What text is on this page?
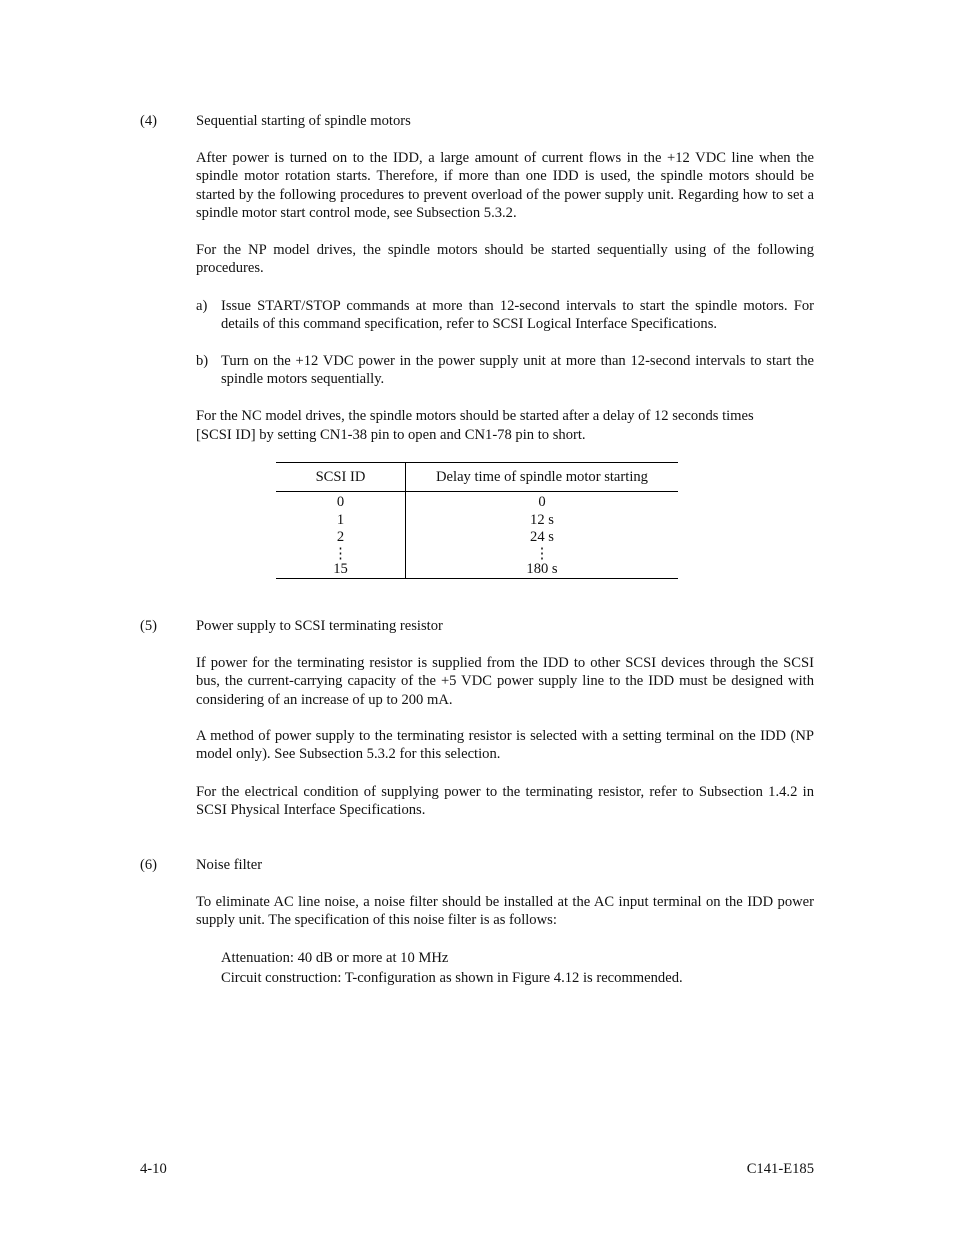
(4)	Sequential starting of spindle motors
After power is turned on to the IDD, a large amount of current flows in the +12 VDC line when the spindle motor rotation starts. Therefore, if more than one IDD is used, the spindle motors should be started by the following procedures to prevent overload of the power supply unit. Regarding how to set a spindle motor start control mode, see Subsection 5.3.2.
For the NP model drives, the spindle motors should be started sequentially using of the following procedures.
a) Issue START/STOP commands at more than 12-second intervals to start the spindle motors. For details of this command specification, refer to SCSI Logical Interface Specifications.
b) Turn on the +12 VDC power in the power supply unit at more than 12-second intervals to start the spindle motors sequentially.
For the NC model drives, the spindle motors should be started after a delay of 12 seconds times
[SCSI ID] by setting CN1-38 pin to open and CN1-78 pin to short.
SCSI ID	Delay time of spindle motor starting
0	0
1	12 s
2	24 s
⋮	⋮
15	180 s
(5)	Power supply to SCSI terminating resistor
If power for the terminating resistor is supplied from the IDD to other SCSI devices through the SCSI bus, the current-carrying capacity of the +5 VDC power supply line to the IDD must be designed with considering of an increase of up to 200 mA.
A method of power supply to the terminating resistor is selected with a setting terminal on the IDD (NP model only). See Subsection 5.3.2 for this selection.
For the electrical condition of supplying power to the terminating resistor, refer to Subsection 1.4.2 in SCSI Physical Interface Specifications.
(6)	Noise filter
To eliminate AC line noise, a noise filter should be installed at the AC input terminal on the IDD power supply unit. The specification of this noise filter is as follows:
Attenuation: 40 dB or more at 10 MHz
Circuit construction: T-configuration as shown in Figure 4.12 is recommended.
4-10	C141-E185
